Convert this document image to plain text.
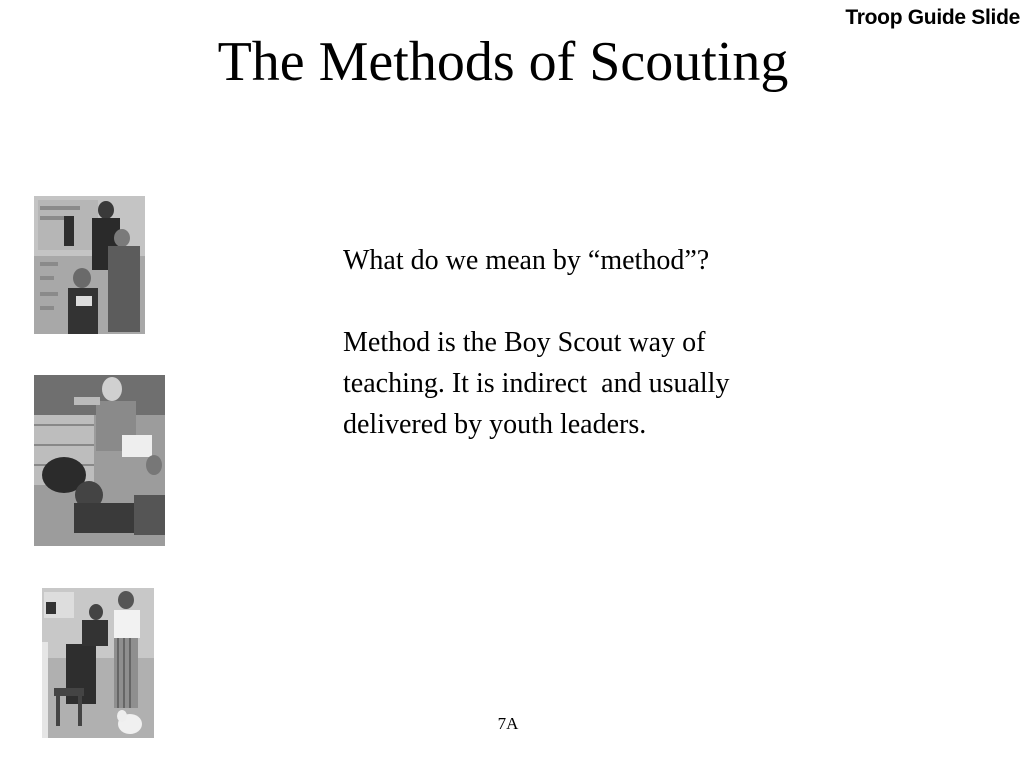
Troop Guide Slide
The Methods of Scouting

What do we mean by “method”?

Method is the Boy Scout way of

teaching. It is indirect  and usually

delivered by youth leaders.

7A
